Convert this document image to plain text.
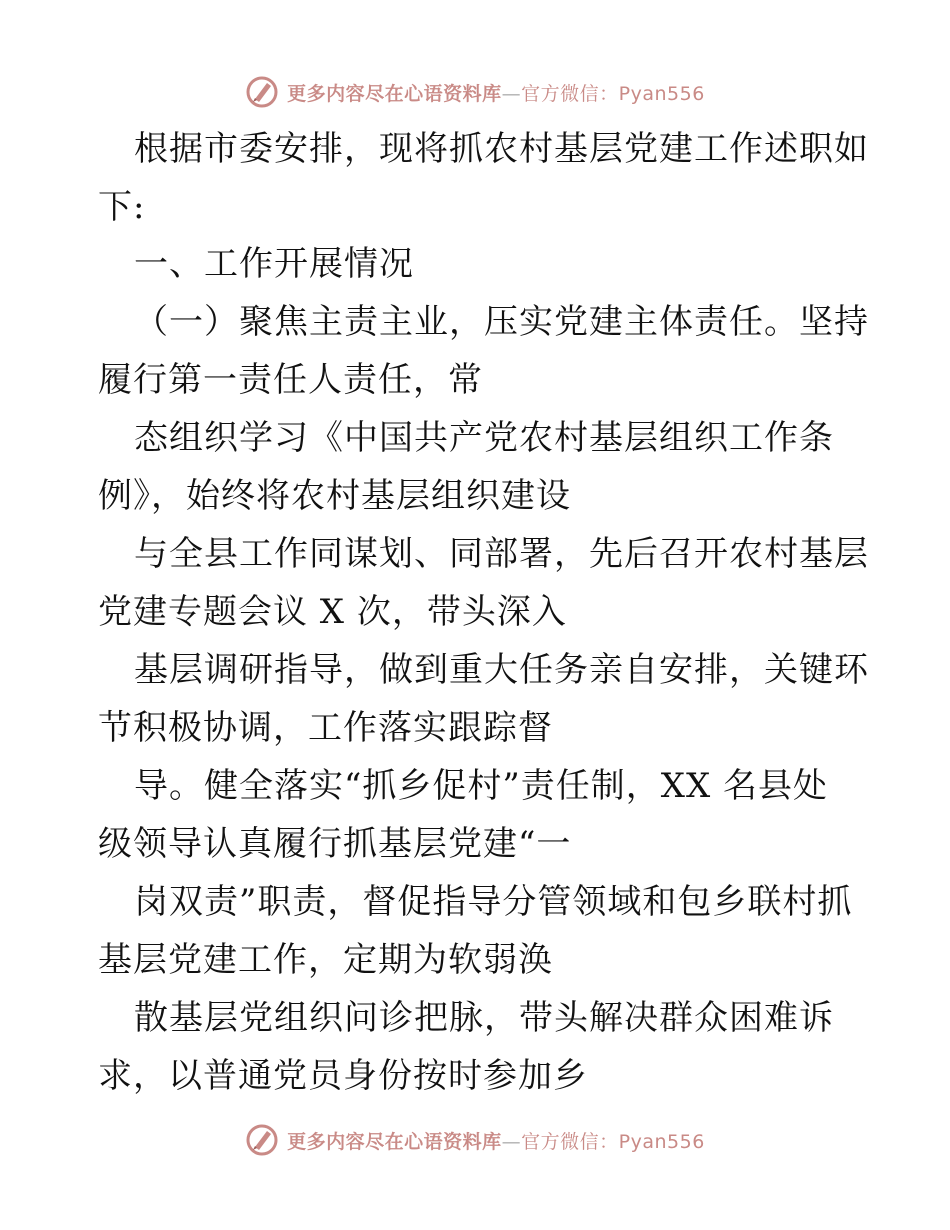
更多内容尽在心语资料库—官方微信：Pyan556
根据市委安排，现将抓农村基层党建工作述职如
下:
一、工作开展情况
（一）聚焦主责主业，压实党建主体责任。坚持
履行第一责任人责任，常
态组织学习《中国共产党农村基层组织工作条
例》，始终将农村基层组织建设
与全县工作同谋划、同部署，先后召开农村基层
党建专题会议 X 次，带头深入
基层调研指导，做到重大任务亲自安排，关键环
节积极协调，工作落实跟踪督
导。健全落实“抓乡促村”责任制，XX 名县处
级领导认真履行抓基层党建“一
岗双责”职责，督促指导分管领域和包乡联村抓
基层党建工作，定期为软弱涣
散基层党组织问诊把脉，带头解决群众困难诉
求，以普通党员身份按时参加乡
更多内容尽在心语资料库—官方微信：Pyan556
